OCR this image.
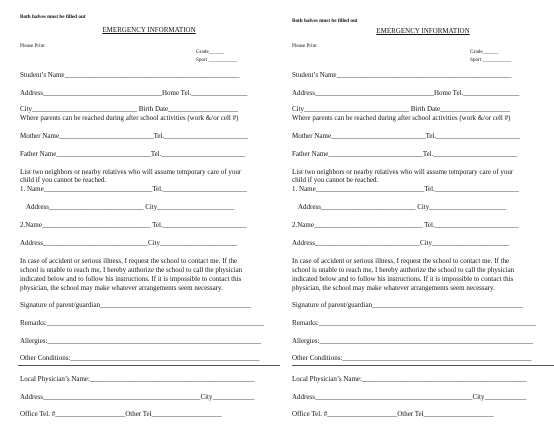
Both halves must be filled out
EMERGENCY INFORMATION
Please Print
Grade______
Sport ___________
Student’s Name__________________________________________________
Address__________________________________Home Tel.________________
City______________________________ Birth Date____________________
Where parents can be reached during after school activities (work &/or cell #)
Mother Name___________________________Tel.________________________
Father Name___________________________Tel.________________________
List two neighbors or nearby relatives who will assume temporary care of your
child if you cannot be reached.
1. Name_______________________________Tel.________________________
Address___________________________ City______________________
2.Name_______________________________ Tel.________________________
Address______________________________City______________________
In case of accident or serious illness, I request the school to contact me. If the
school is unable to reach me, I hereby authorize the school to call the physician
indicated below and to follow his instructions. If it is impossible to contact this
physician, the school may make whatever arrangements seem necessary.
Signature of parent/guardian___________________________________________
Remarks:______________________________________________________________
Allergies:_____________________________________________________________
Other Conditions:______________________________________________________
Local Physician’s Name:_______________________________________________
Address_____________________________________________City____________
Office Tel. #____________________Other Tel____________________
Both halves must be filled out
EMERGENCY INFORMATION
Please Print
Grade______
Sport ___________
Student’s Name__________________________________________________
Address__________________________________Home Tel.________________
City______________________________ Birth Date____________________
Where parents can be reached during after school activities (work &/or cell #)
Mother Name___________________________Tel.________________________
Father Name___________________________Tel.________________________
List two neighbors or nearby relatives who will assume temporary care of your
child if you cannot be reached.
1. Name_______________________________Tel.________________________
Address___________________________ City______________________
2.Name_______________________________ Tel.________________________
Address______________________________City______________________
In case of accident or serious illness, I request the school to contact me. If the
school is unable to reach me, I hereby authorize the school to call the physician
indicated below and to follow his instructions. If it is impossible to contact this
physician, the school may make whatever arrangements seem necessary.
Signature of parent/guardian___________________________________________
Remarks:______________________________________________________________
Allergies:_____________________________________________________________
Other Conditions:______________________________________________________
Local Physician’s Name:_______________________________________________
Address_____________________________________________City____________
Office Tel. #____________________Other Tel____________________
